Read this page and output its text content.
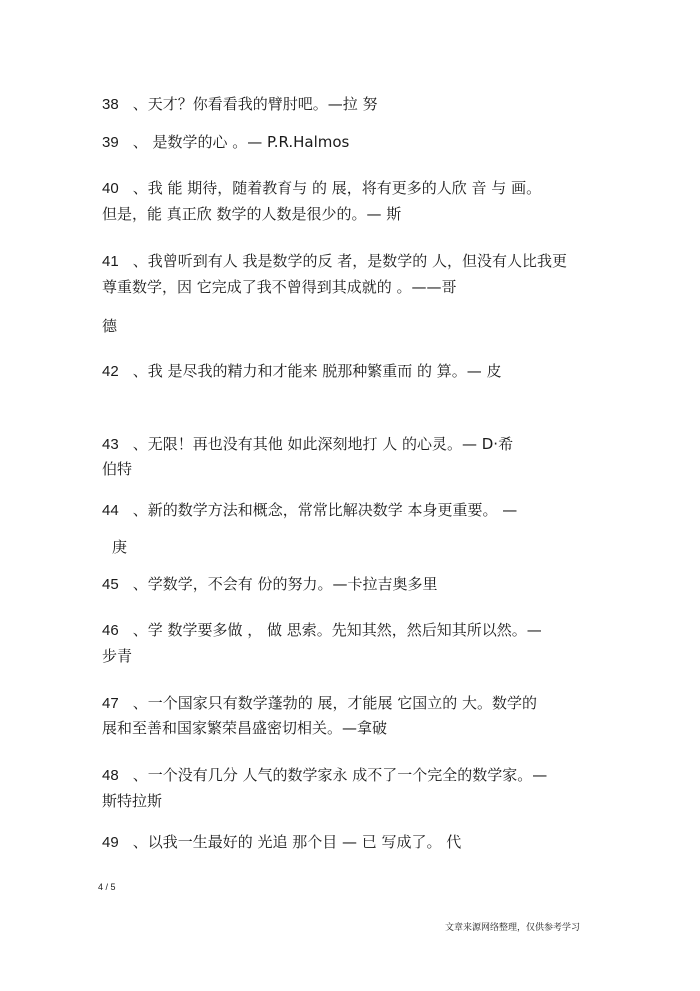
38 、天才？你看看我的臂肘吧。—拉 努
39 、 是数学的心 。— P.R.Halmos
40 、我 能 期待，随着教育与 的 展，将有更多的人欣 音 与 画。
但是，能 真正欣 数学的人数是很少的。— 斯
41 、我曾听到有人 我是数学的反 者，是数学的 人，但没有人比我更
尊重数学，因 它完成了我不曾得到其成就的 。——哥
德
42 、我 是尽我的精力和才能来 脱那种繁重而 的 算。— 皮
43 、无限！再也没有其他 如此深刻地打 人 的心灵。— D·希
伯特
44 、新的数学方法和概念，常常比解决数学 本身更重要。 —
庚
45 、学数学，不会有 份的努力。—卡拉吉奥多里
46 、学 数学要多做 ， 做 思索。先知其然，然后知其所以然。—
步青
47 、一个国家只有数学蓬勃的 展，才能展 它国立的 大。数学的
展和至善和国家繁荣昌盛密切相关。—拿破
48 、一个没有几分 人气的数学家永 成不了一个完全的数学家。—
斯特拉斯
49 、以我一生最好的 光追 那个目 — 已 写成了。 代
4 / 5
文章来源网络整理，仅供参考学习
